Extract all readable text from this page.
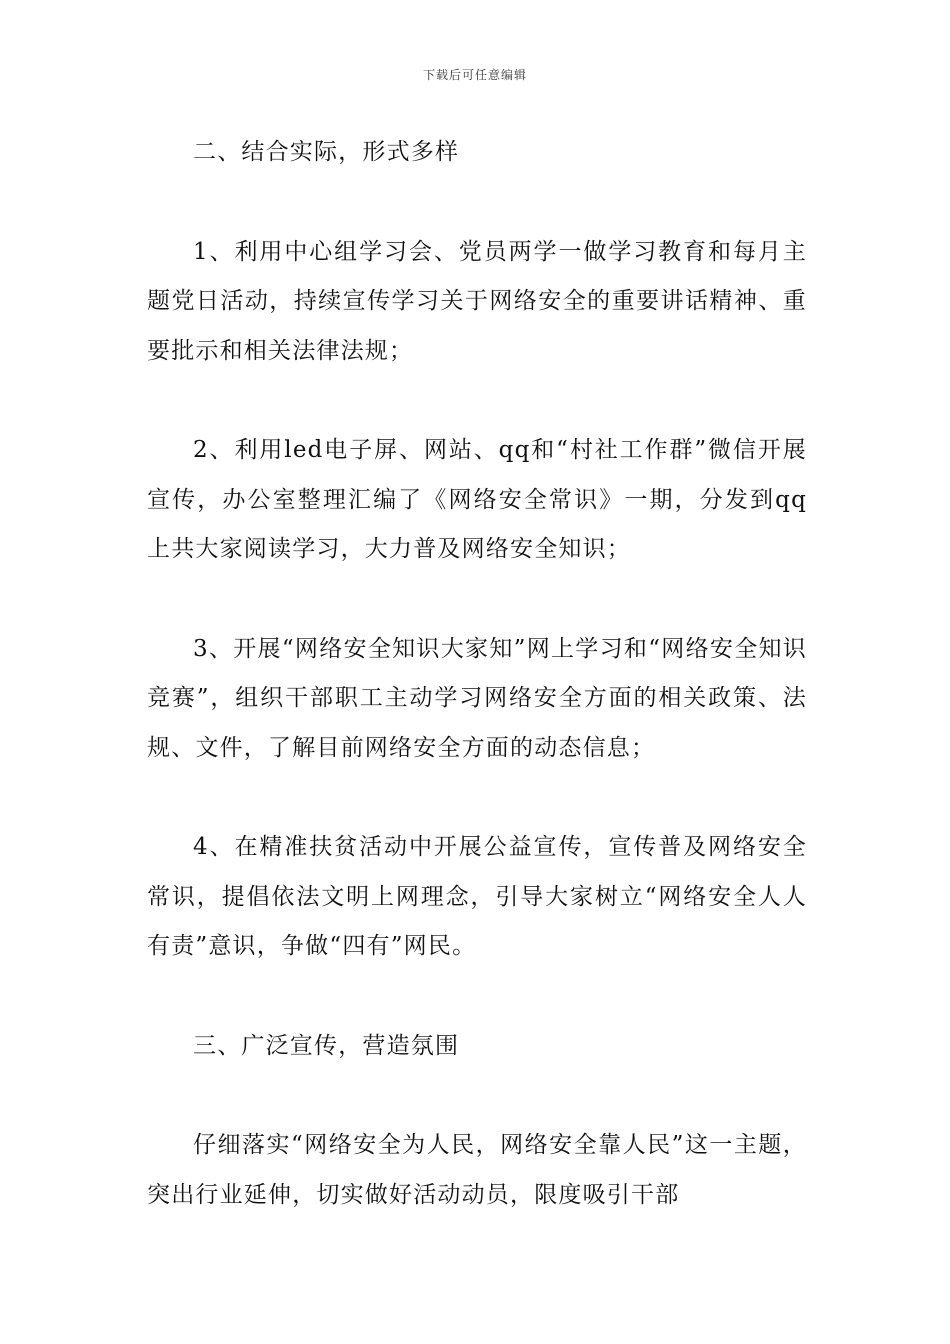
下载后可任意编辑

二、结合实际，形式多样

1、利用中心组学习会、党员两学一做学习教育和每月主题党日活动，持续宣传学习关于网络安全的重要讲话精神、重要批示和相关法律法规；

2、利用led电子屏、网站、qq和“村社工作群”微信开展宣传，办公室整理汇编了《网络安全常识》一期，分发到qq上共大家阅读学习，大力普及网络安全知识；

3、开展“网络安全知识大家知”网上学习和“网络安全知识竞赛”，组织干部职工主动学习网络安全方面的相关政策、法规、文件，了解目前网络安全方面的动态信息；

4、在精准扶贫活动中开展公益宣传，宣传普及网络安全常识，提倡依法文明上网理念，引导大家树立“网络安全人人有责”意识，争做“四有”网民。

三、广泛宣传，营造氛围

仔细落实“网络安全为人民，网络安全靠人民”这一主题，突出行业延伸，切实做好活动动员，限度吸引干部
